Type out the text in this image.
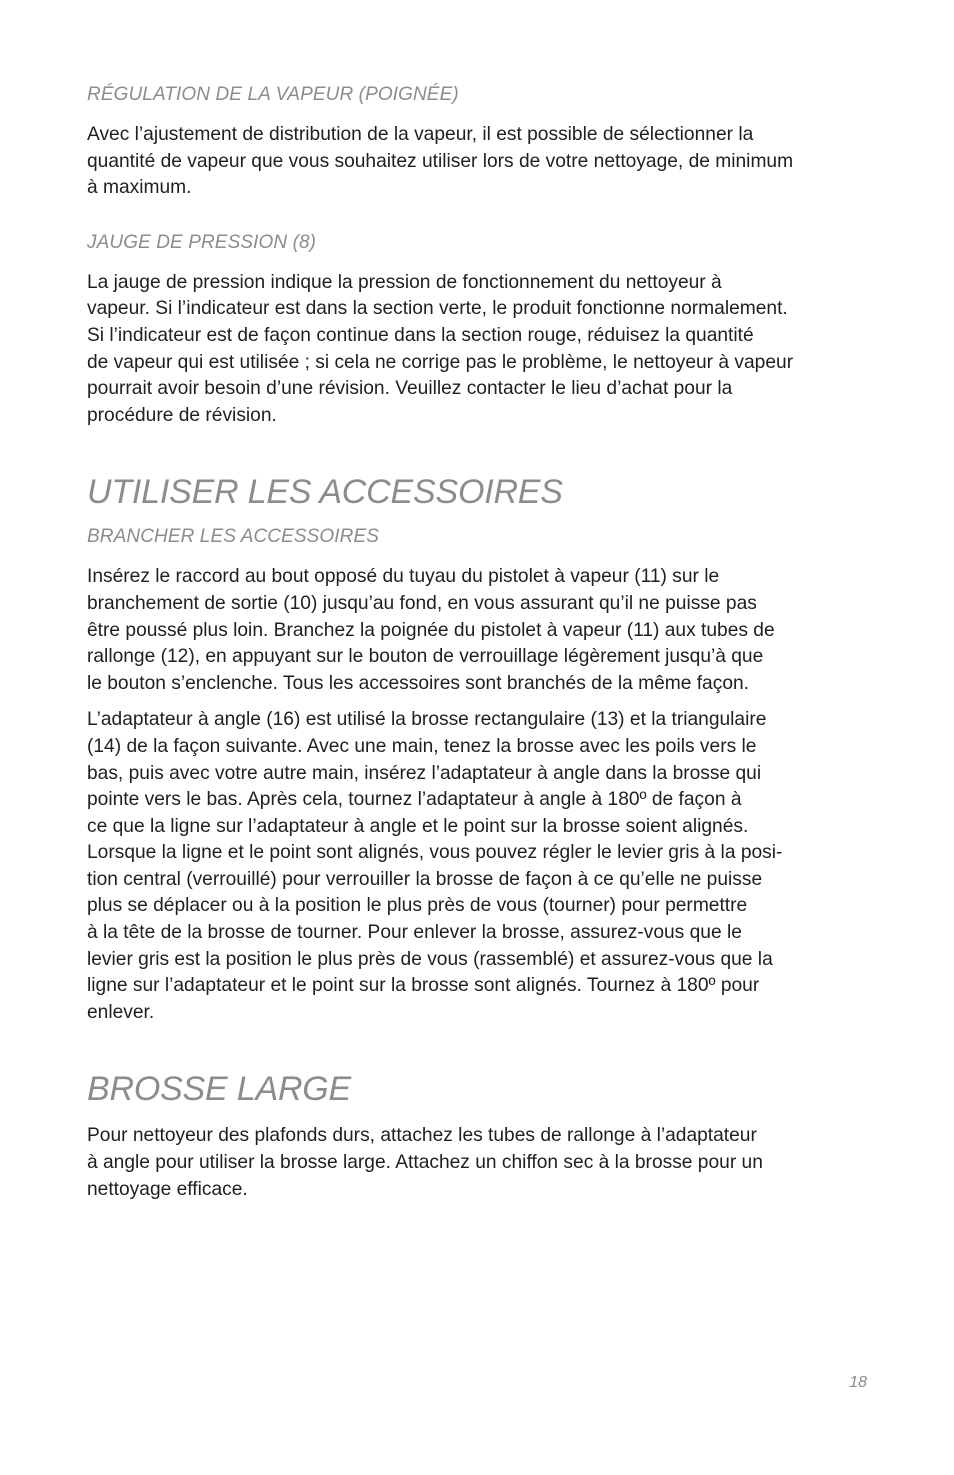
RÉGULATION DE LA VAPEUR (POIGNÉE)

Avec l’ajustement de distribution de la vapeur, il est possible de sélectionner la

quantité de vapeur que vous souhaitez utiliser lors de votre nettoyage, de minimum

à maximum.

JAUGE DE PRESSION (8)

La jauge de pression indique la pression de fonctionnement du nettoyeur à

vapeur. Si l’indicateur est dans la section verte, le produit fonctionne normalement.

Si l’indicateur est de façon continue dans la section rouge, réduisez la quantité

de vapeur qui est utilisée ; si cela ne corrige pas le problème, le nettoyeur à vapeur

pourrait avoir besoin d’une révision. Veuillez contacter le lieu d’achat pour la

procédure de révision.

UTILISER LES ACCESSOIRES
BRANCHER LES ACCESSOIRES

Insérez le raccord au bout opposé du tuyau du pistolet à vapeur (11) sur le

branchement de sortie (10) jusqu’au fond, en vous assurant qu’il ne puisse pas

être poussé plus loin. Branchez la poignée du pistolet à vapeur (11) aux tubes de

rallonge (12), en appuyant sur le bouton de verrouillage légèrement jusqu’à que

le bouton s’enclenche. Tous les accessoires sont branchés de la même façon.

L’adaptateur à angle (16) est utilisé la brosse rectangulaire (13) et la triangulaire

(14) de la façon suivante. Avec une main, tenez la brosse avec les poils vers le

bas, puis avec votre autre main, insérez l’adaptateur à angle dans la brosse qui

pointe vers le bas. Après cela, tournez l’adaptateur à angle à 180º de façon à

ce que la ligne sur l’adaptateur à angle et le point sur la brosse soient alignés.

Lorsque la ligne et le point sont alignés, vous pouvez régler le levier gris à la posi-

tion central (verrouillé) pour verrouiller la brosse de façon à ce qu’elle ne puisse

plus se déplacer ou à la position le plus près de vous (tourner) pour permettre

à la tête de la brosse de tourner. Pour enlever la brosse, assurez-vous que le

levier gris est la position le plus près de vous (rassemblé) et assurez-vous que la

ligne sur l’adaptateur et le point sur la brosse sont alignés. Tournez à 180º pour

enlever.

BROSSE LARGE

Pour nettoyeur des plafonds durs, attachez les tubes de rallonge à l’adaptateur

à angle pour utiliser la brosse large. Attachez un chiffon sec à la brosse pour un

nettoyage efficace.

18
